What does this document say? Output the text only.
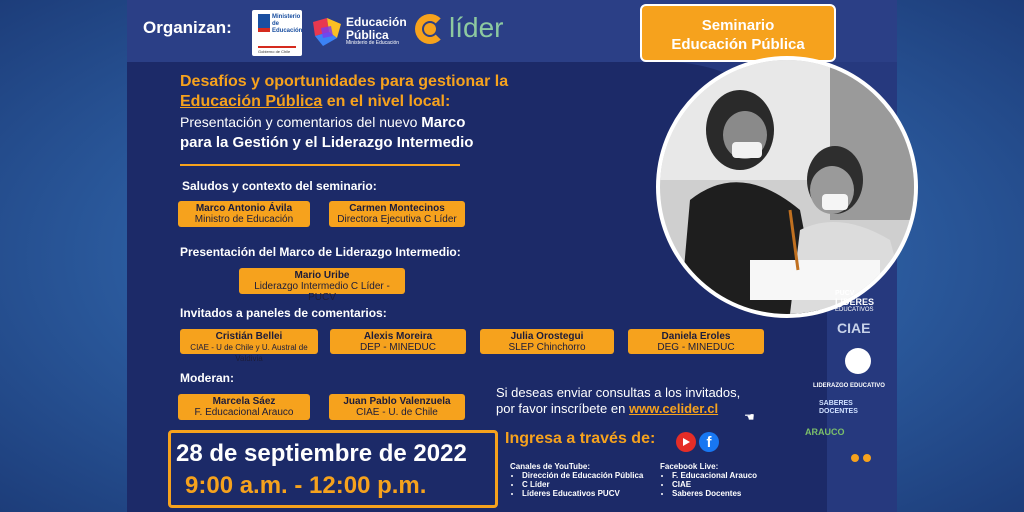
Organizan:
Ministerio de
Educación
Gobierno de Chile
Educación
Pública
Ministerio de Educación líder	Seminario
Educación Pública
Desafíos y oportunidades para gestionar la
Educación Pública en el nivel local:
Presentación y comentarios del nuevo Marco
para la Gestión y el Liderazgo Intermedio
Saludos y contexto del seminario:
Marco Antonio Ávila
Ministro de Educación
Carmen Montecinos
Directora Ejecutiva C Líder
Presentación del Marco de Liderazgo Intermedio:
Mario Uribe
Liderazgo Intermedio C Líder - PUCV
Invitados a paneles de comentarios:
Cristián Bellei
CIAE - U de Chile y U. Austral de Valdivia
Alexis Moreira
DEP - MINEDUC
Julia Orostegui
SLEP Chinchorro
Daniela Eroles
DEG - MINEDUC
Moderan:
Marcela Sáez
F. Educacional Arauco
Juan Pablo Valenzuela
CIAE - U. de Chile
Si deseas enviar consultas a los invitados,
por favor inscríbete en www.celider.cl
☚
28 de septiembre de 2022
9:00 a.m. - 12:00 p.m.
Ingresa a través de:	f
Canales de YouTube:
• Dirección de Educación Pública
• C Líder
• Líderes Educativos PUCV
Facebook Live:
• F. Educacional Arauco
• CIAE
• Saberes Docentes
PUCV
LIDERES
EDUCATIVOS
CIAE
LIDERAZGO EDUCATIVO
SABERES
DOCENTES
ARAUCO
